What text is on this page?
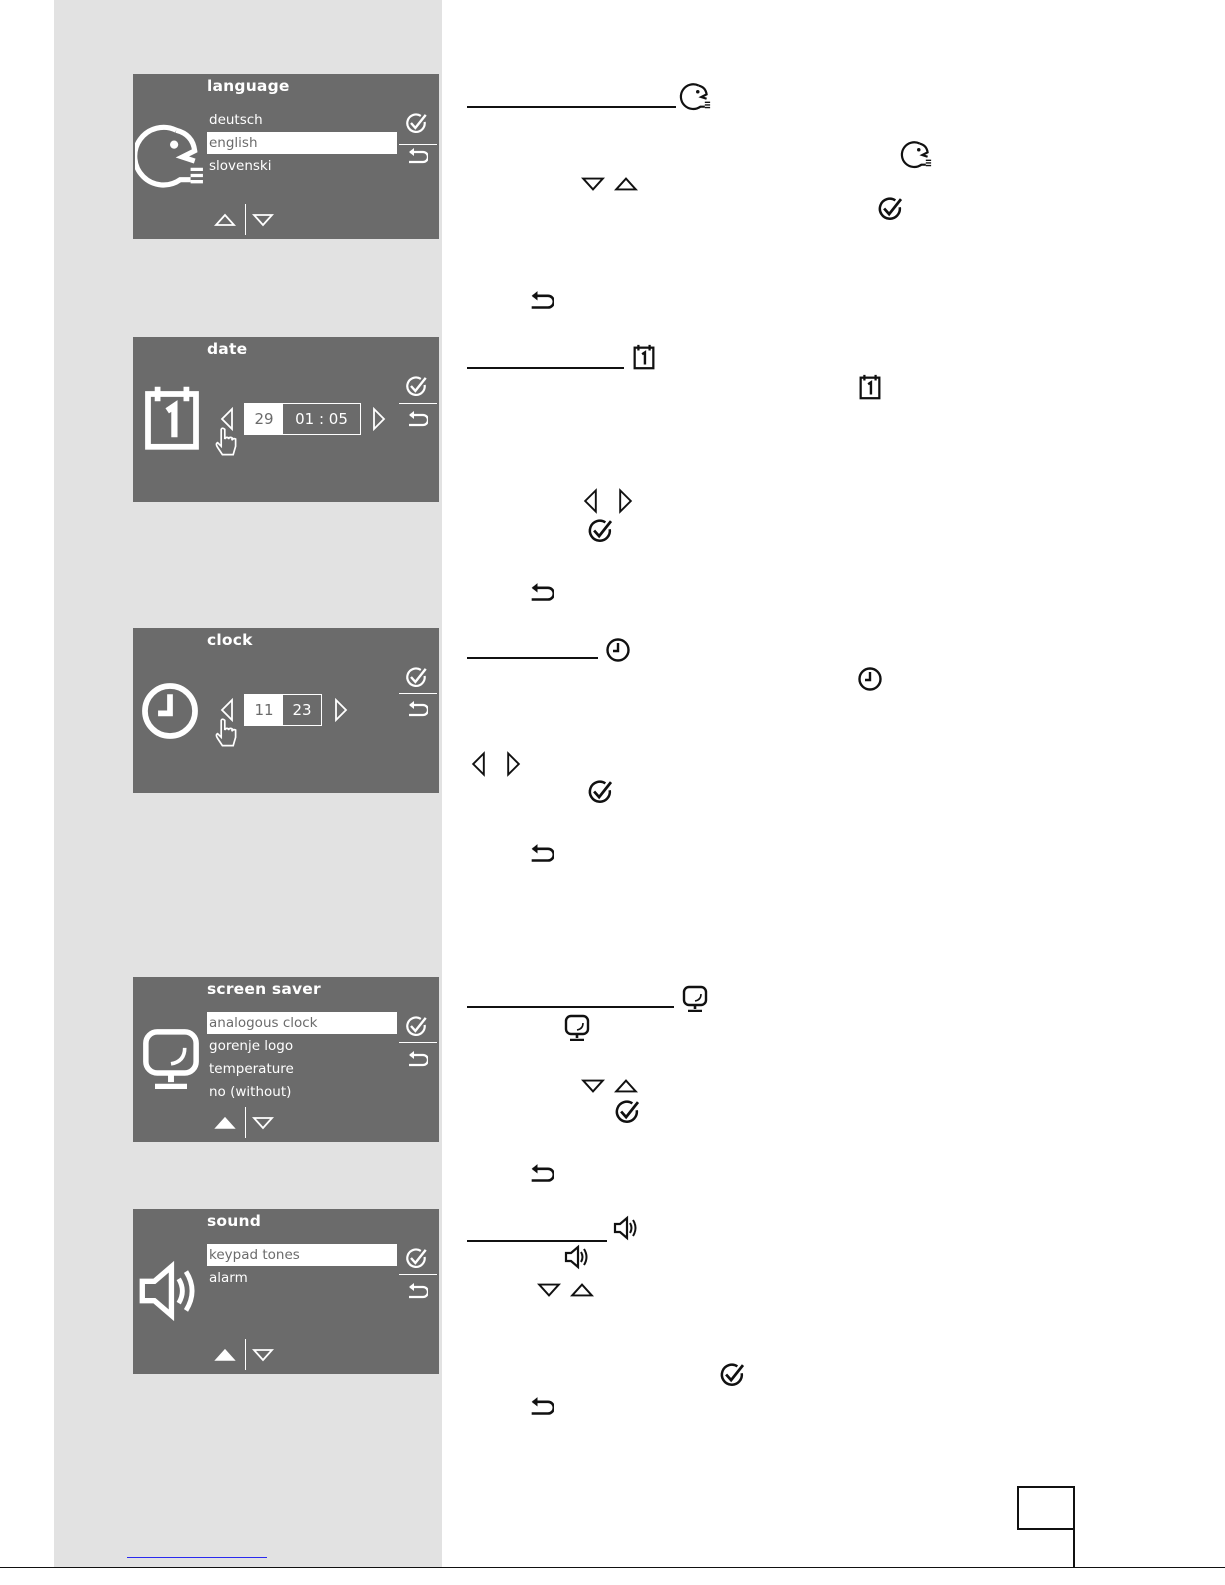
language
deutsch
english
slovenski
date
29	01 : 05
clock
11	23
screen saver
analogous clock
gorenje logo
temperature
no (without)
sound
keypad tones
alarm
